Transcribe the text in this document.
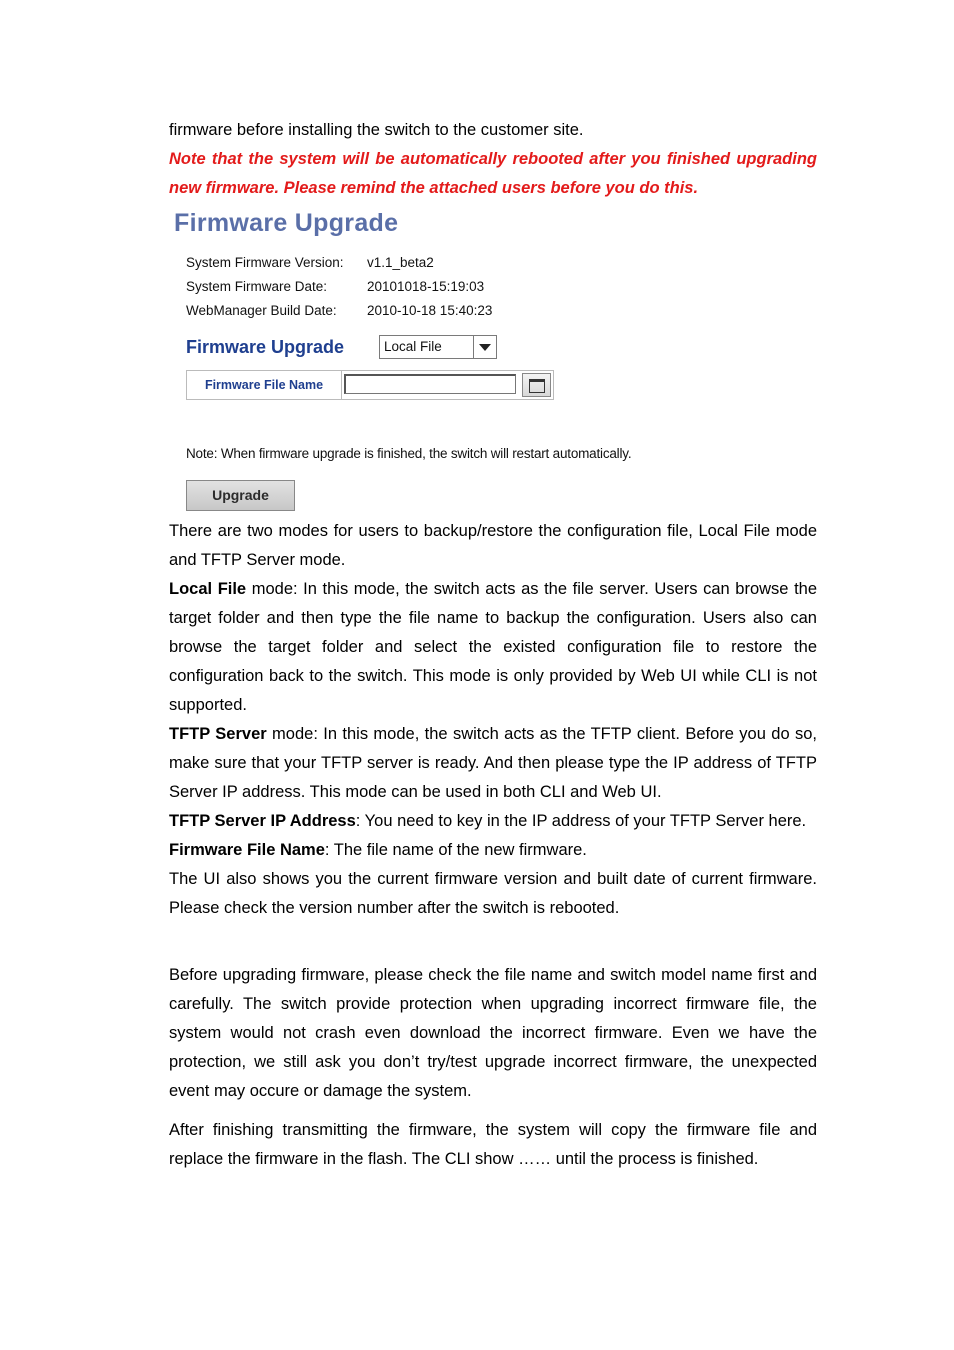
firmware before installing the switch to the customer site.

Note that the system will be automatically rebooted after you finished upgrading new firmware. Please remind the attached users before you do this.

Firmware Upgrade
System Firmware Version: v1.1_beta2
System Firmware Date:	20101018-15:19:03
WebManager Build Date: 2010-10-18 15:40:23
Firmware Upgrade	Local File
Firmware File Name
Note: When firmware upgrade is finished, the switch will restart automatically.
Upgrade

There are two modes for users to backup/restore the configuration file, Local File mode and TFTP Server mode.

Local File mode: In this mode, the switch acts as the file server. Users can browse the target folder and then type the file name to backup the configuration. Users also can browse the target folder and select the existed configuration file to restore the configuration back to the switch. This mode is only provided by Web UI while CLI is not supported.

TFTP Server mode: In this mode, the switch acts as the TFTP client. Before you do so, make sure that your TFTP server is ready. And then please type the IP address of TFTP Server IP address. This mode can be used in both CLI and Web UI.

TFTP Server IP Address: You need to key in the IP address of your TFTP Server here.

Firmware File Name: The file name of the new firmware.

The UI also shows you the current firmware version and built date of current firmware. Please check the version number after the switch is rebooted.

Before upgrading firmware, please check the file name and switch model name first and carefully. The switch provide protection when upgrading incorrect firmware file, the system would not crash even download the incorrect firmware. Even we have the protection, we still ask you don’t try/test upgrade incorrect firmware, the unexpected event may occure or damage the system.

After finishing transmitting the firmware, the system will copy the firmware file and replace the firmware in the flash. The CLI show …… until the process is finished.
